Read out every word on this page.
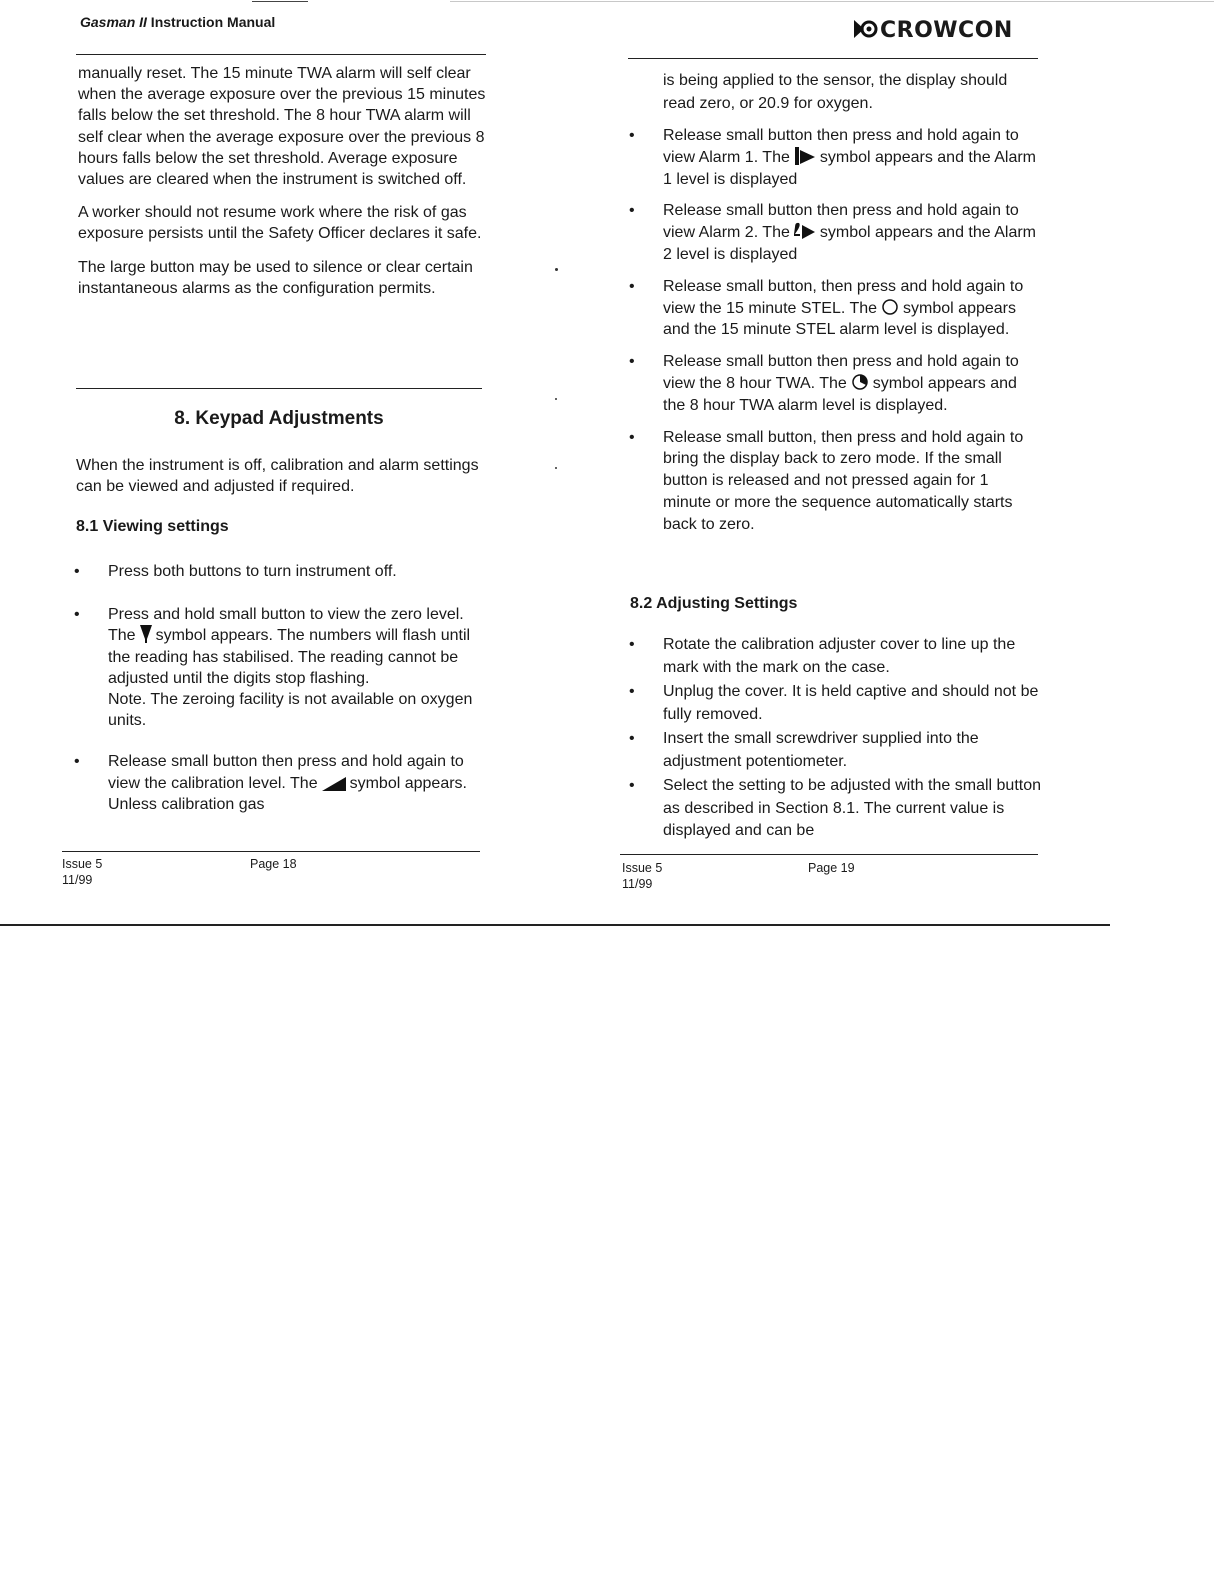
Gasman II Instruction Manual	CROWCON

manually reset. The 15 minute TWA alarm will self clear when the average exposure over the previous 15 minutes falls below the set threshold. The 8 hour TWA alarm will self clear when the average exposure over the previous 8 hours falls below the set threshold. Average exposure values are cleared when the instrument is switched off.

A worker should not resume work where the risk of gas exposure persists until the Safety Officer declares it safe.

The large button may be used to silence or clear certain instantaneous alarms as the configuration permits.

8. Keypad Adjustments
When the instrument is off, calibration and alarm settings can be viewed and adjusted if required.
8.1 Viewing settings
• Press both buttons to turn instrument off.
• Press and hold small button to view the zero level. The symbol appears. The numbers will flash until the reading has stabilised. The reading cannot be adjusted until the digits stop flashing.
Note. The zeroing facility is not available on oxygen units.
• Release small button then press and hold again to view the calibration level. The symbol appears. Unless calibration gas
Issue 5
11/99
Page 18
is being applied to the sensor, the display should read zero, or 20.9 for oxygen.
• Release small button then press and hold again to view Alarm 1. The symbol appears and the Alarm 1 level is displayed
• Release small button then press and hold again to view Alarm 2. The symbol appears and the Alarm 2 level is displayed
• Release small button, then press and hold again to view the 15 minute STEL. The symbol appears and the 15 minute STEL alarm level is displayed.
• Release small button then press and hold again to view the 8 hour TWA. The symbol appears and the 8 hour TWA alarm level is displayed.
• Release small button, then press and hold again to bring the display back to zero mode. If the small button is released and not pressed again for 1 minute or more the sequence automatically starts back to zero.
8.2 Adjusting Settings
• Rotate the calibration adjuster cover to line up the mark with the mark on the case.
• Unplug the cover. It is held captive and should not be fully removed.
• Insert the small screwdriver supplied into the adjustment potentiometer.
• Select the setting to be adjusted with the small button as described in Section 8.1. The current value is displayed and can be
Issue 5
11/99
Page 19
